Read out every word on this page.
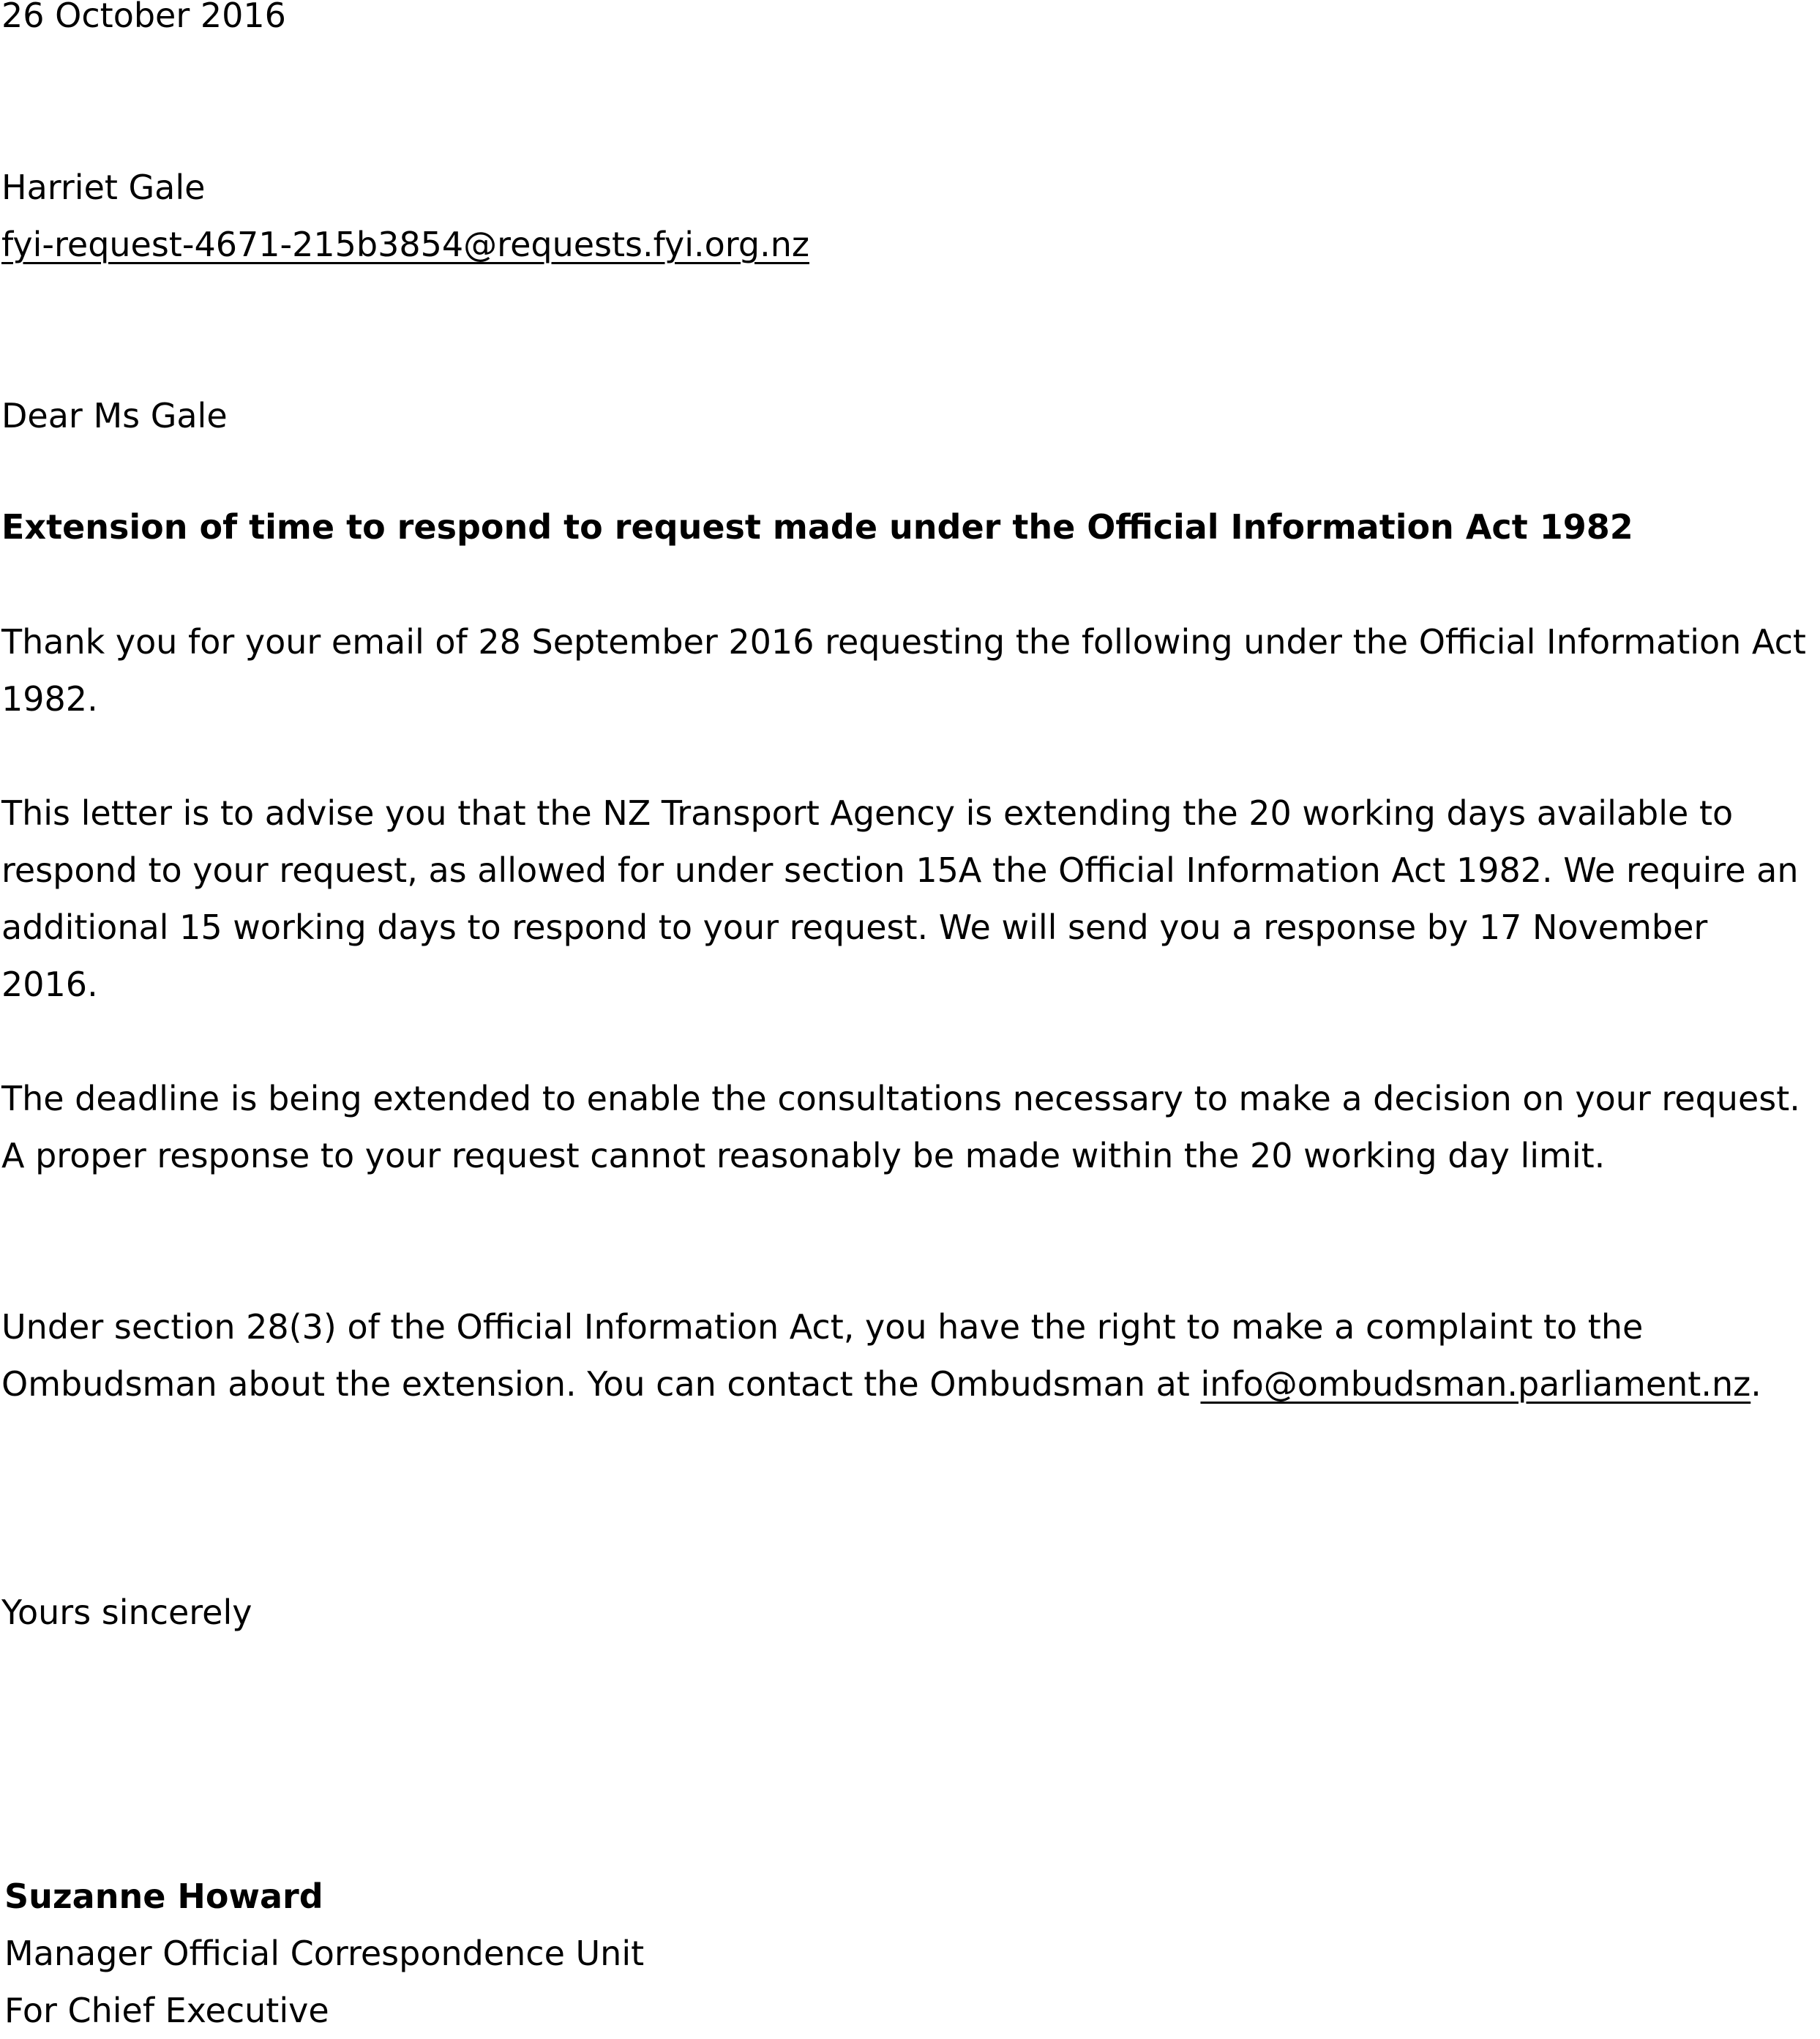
26 October 2016

Harriet Gale

fyi-request-4671-215b3854@requests.fyi.org.nz

Dear Ms Gale

Extension of time to respond to request made under the Official Information Act 1982

Thank you for your email of 28 September 2016 requesting the following under the Official Information Act 1982.

This letter is to advise you that the NZ Transport Agency is extending the 20 working days available to respond to your request, as allowed for under section 15A the Official Information Act 1982. We require an additional 15 working days to respond to your request. We will send you a response by 17 November 2016.

The deadline is being extended to enable the consultations necessary to make a decision on your request. A proper response to your request cannot reasonably be made within the 20 working day limit.

Under section 28(3) of the Official Information Act, you have the right to make a complaint to the Ombudsman about the extension. You can contact the Ombudsman at info@ombudsman.parliament.nz.

Yours sincerely

Suzanne Howard

Manager Official Correspondence Unit

For Chief Executive
